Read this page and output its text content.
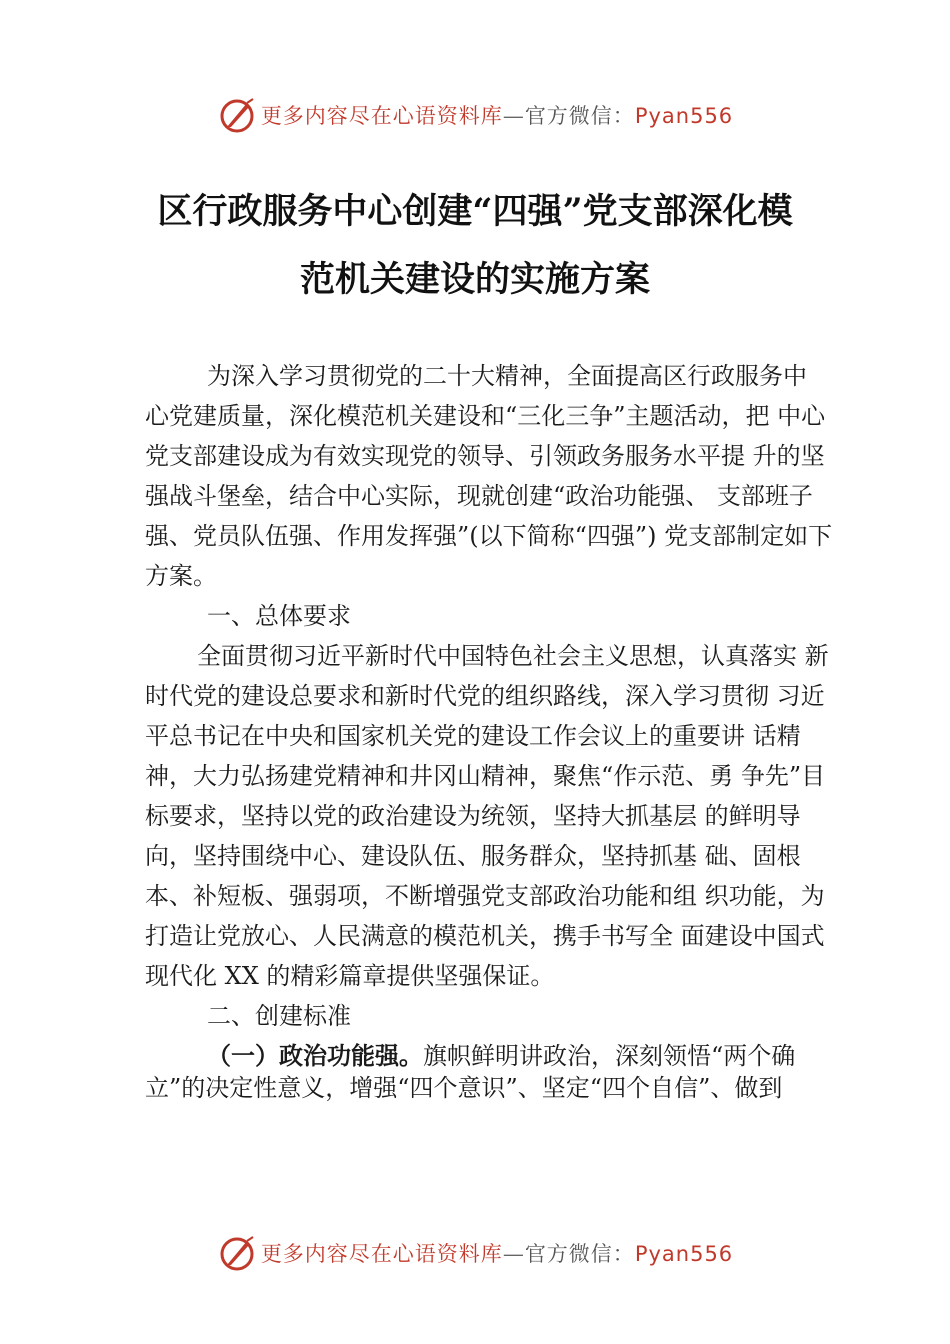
更多内容尽在心语资料库—官方微信：Pyan556
区行政服务中心创建“四强”党支部深化模
范机关建设的实施方案

为深入学习贯彻党的二十大精神，全面提高区行政服务中 心党建质量，深化模范机关建设和“三化三争”主题活动，把 中心党支部建设成为有效实现党的领导、引领政务服务水平提 升的坚强战斗堡垒，结合中心实际，现就创建“政治功能强、 支部班子强、党员队伍强、作用发挥强”(以下简称“四强”) 党支部制定如下方案。

一、总体要求

全面贯彻习近平新时代中国特色社会主义思想，认真落实 新时代党的建设总要求和新时代党的组织路线，深入学习贯彻 习近平总书记在中央和国家机关党的建设工作会议上的重要讲 话精神，大力弘扬建党精神和井冈山精神，聚焦“作示范、勇 争先”目标要求，坚持以党的政治建设为统领，坚持大抓基层 的鲜明导向，坚持围绕中心、建设队伍、服务群众，坚持抓基 础、固根本、补短板、强弱项，不断增强党支部政治功能和组 织功能，为打造让党放心、人民满意的模范机关，携手书写全 面建设中国式现代化 XX 的精彩篇章提供坚强保证。

二、创建标准

（一）政治功能强。旗帜鲜明讲政治，深刻领悟“两个确立”的决定性意义，增强“四个意识”、坚定“四个自信”、做到

更多内容尽在心语资料库—官方微信：Pyan556
